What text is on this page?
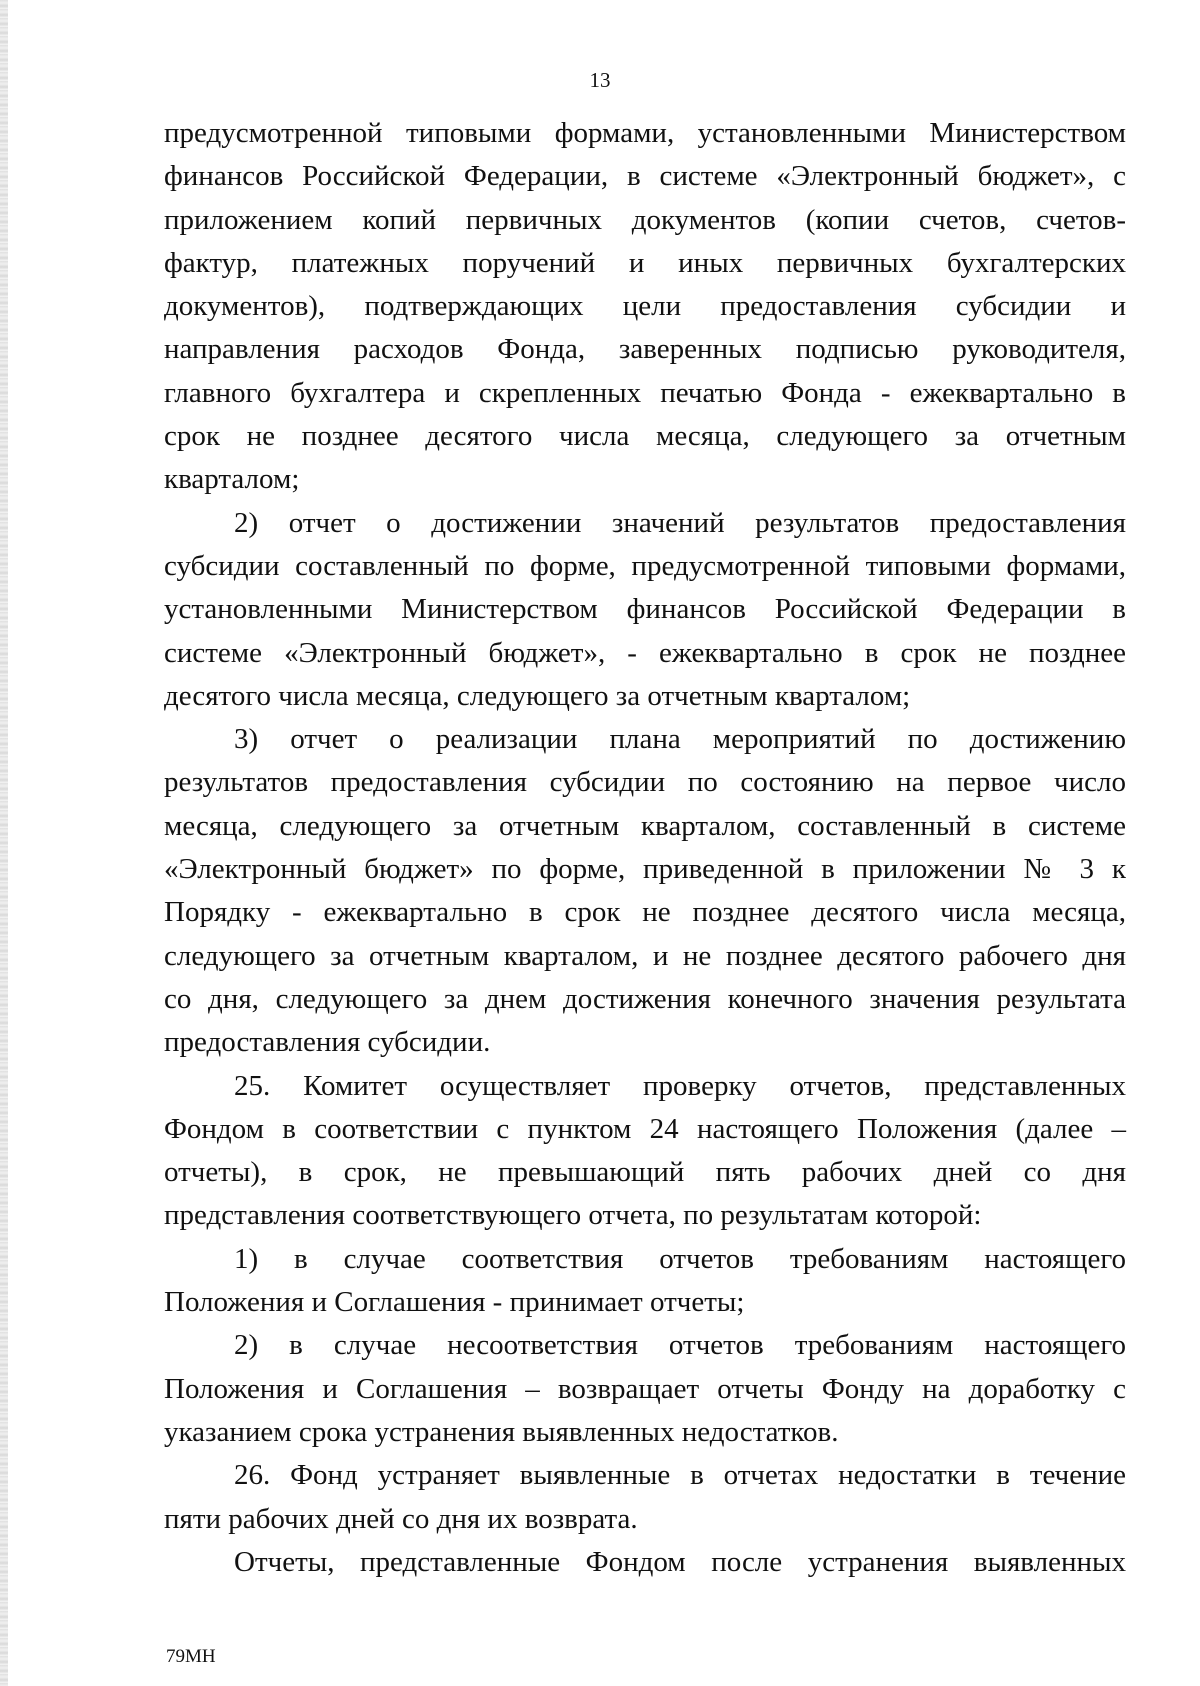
13
предусмотренной типовыми формами, установленными Министерством
финансов Российской Федерации, в системе «Электронный бюджет», с
приложением копий первичных документов (копии счетов, счетов-
фактур, платежных поручений и иных первичных бухгалтерских
документов), подтверждающих цели предоставления субсидии и
направления расходов Фонда, заверенных подписью руководителя,
главного бухгалтера и скрепленных печатью Фонда - ежеквартально в
срок не позднее десятого числа месяца, следующего за отчетным
кварталом;
2) отчет о достижении значений результатов предоставления
субсидии составленный по форме, предусмотренной типовыми формами,
установленными Министерством финансов Российской Федерации в
системе «Электронный бюджет», - ежеквартально в срок не позднее
десятого числа месяца, следующего за отчетным кварталом;
3) отчет о реализации плана мероприятий по достижению
результатов предоставления субсидии по состоянию на первое число
месяца, следующего за отчетным кварталом, составленный в системе
«Электронный бюджет» по форме, приведенной в приложении № 3 к
Порядку - ежеквартально в срок не позднее десятого числа месяца,
следующего за отчетным кварталом, и не позднее десятого рабочего дня
со дня, следующего за днем достижения конечного значения результата
предоставления субсидии.
25. Комитет осуществляет проверку отчетов, представленных
Фондом в соответствии с пунктом 24 настоящего Положения (далее –
отчеты), в срок, не превышающий пять рабочих дней со дня
представления соответствующего отчета, по результатам которой:
1) в случае соответствия отчетов требованиям настоящего
Положения и Соглашения - принимает отчеты;
2) в случае несоответствия отчетов требованиям настоящего
Положения и Соглашения – возвращает отчеты Фонду на доработку с
указанием срока устранения выявленных недостатков.
26. Фонд устраняет выявленные в отчетах недостатки в течение
пяти рабочих дней со дня их возврата.
Отчеты, представленные Фондом после устранения выявленных
79МН
